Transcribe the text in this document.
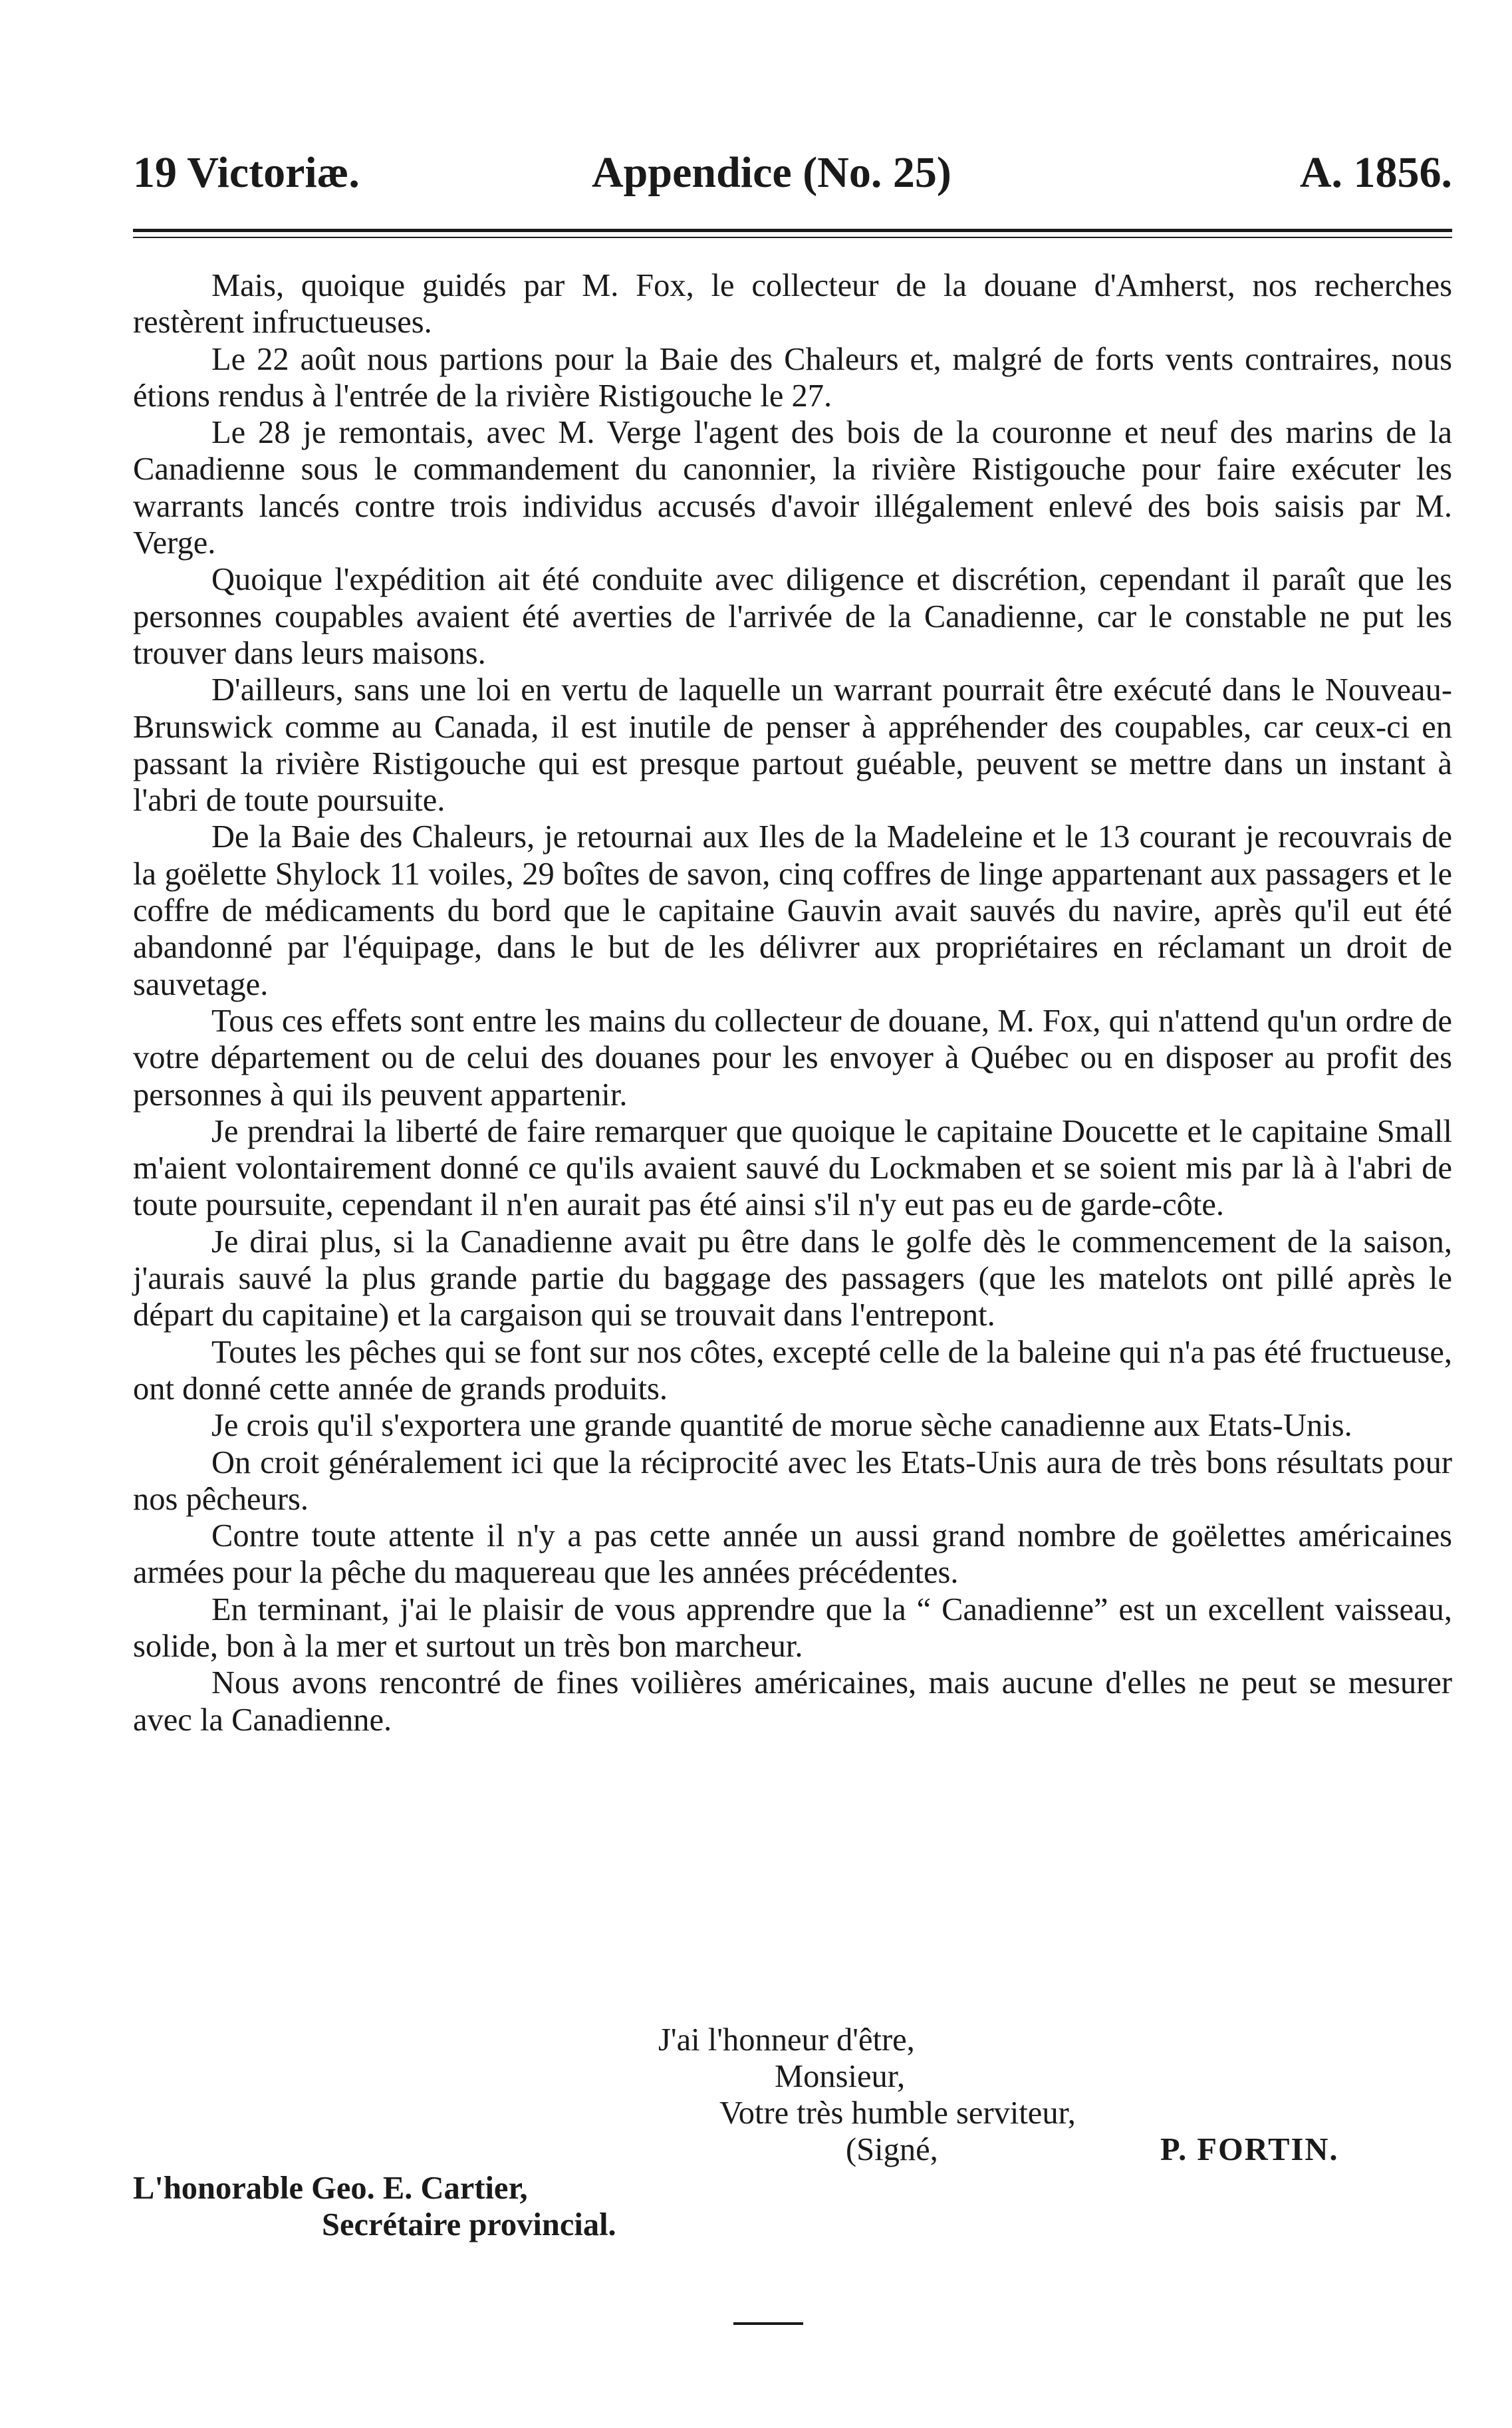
19 Victoriæ.	Appendice (No. 25)	A. 1856.

Mais, quoique guidés par M. Fox, le collecteur de la douane d'Amherst, nos recherches restèrent infructueuses.

Le 22 août nous partions pour la Baie des Chaleurs et, malgré de forts vents contraires, nous étions rendus à l'entrée de la rivière Ristigouche le 27.

Le 28 je remontais, avec M. Verge l'agent des bois de la couronne et neuf des marins de la Canadienne sous le commandement du canonnier, la rivière Ristigouche pour faire exécuter les warrants lancés contre trois individus accusés d'avoir illégalement enlevé des bois saisis par M. Verge.

Quoique l'expédition ait été conduite avec diligence et discrétion, cependant il paraît que les personnes coupables avaient été averties de l'arrivée de la Canadienne, car le constable ne put les trouver dans leurs maisons.

D'ailleurs, sans une loi en vertu de laquelle un warrant pourrait être exécuté dans le Nouveau-Brunswick comme au Canada, il est inutile de penser à appréhender des coupables, car ceux-ci en passant la rivière Ristigouche qui est presque partout guéable, peuvent se mettre dans un instant à l'abri de toute poursuite.

De la Baie des Chaleurs, je retournai aux Iles de la Madeleine et le 13 courant je recouvrais de la goëlette Shylock 11 voiles, 29 boîtes de savon, cinq coffres de linge appartenant aux passagers et le coffre de médicaments du bord que le capitaine Gauvin avait sauvés du navire, après qu'il eut été abandonné par l'équipage, dans le but de les délivrer aux propriétaires en réclamant un droit de sauvetage.

Tous ces effets sont entre les mains du collecteur de douane, M. Fox, qui n'attend qu'un ordre de votre département ou de celui des douanes pour les envoyer à Québec ou en disposer au profit des personnes à qui ils peuvent appartenir.

Je prendrai la liberté de faire remarquer que quoique le capitaine Doucette et le capitaine Small m'aient volontairement donné ce qu'ils avaient sauvé du Lockmaben et se soient mis par là à l'abri de toute poursuite, cependant il n'en aurait pas été ainsi s'il n'y eut pas eu de garde-côte.

Je dirai plus, si la Canadienne avait pu être dans le golfe dès le commencement de la saison, j'aurais sauvé la plus grande partie du baggage des passagers (que les matelots ont pillé après le départ du capitaine) et la cargaison qui se trouvait dans l'entrepont.

Toutes les pêches qui se font sur nos côtes, excepté celle de la baleine qui n'a pas été fructueuse, ont donné cette année de grands produits.

Je crois qu'il s'exportera une grande quantité de morue sèche canadienne aux Etats-Unis.

On croit généralement ici que la réciprocité avec les Etats-Unis aura de très bons résultats pour nos pêcheurs.

Contre toute attente il n'y a pas cette année un aussi grand nombre de goëlettes américaines armées pour la pêche du maquereau que les années précédentes.

En terminant, j'ai le plaisir de vous apprendre que la “ Canadienne” est un excellent vaisseau, solide, bon à la mer et surtout un très bon marcheur.

Nous avons rencontré de fines voilières américaines, mais aucune d'elles ne peut se mesurer avec la Canadienne.

J'ai l'honneur d'être,
Monsieur,
Votre très humble serviteur,
(Signé,	P. FORTIN.
L'honorable Geo. E. Cartier,
Secrétaire provincial.
